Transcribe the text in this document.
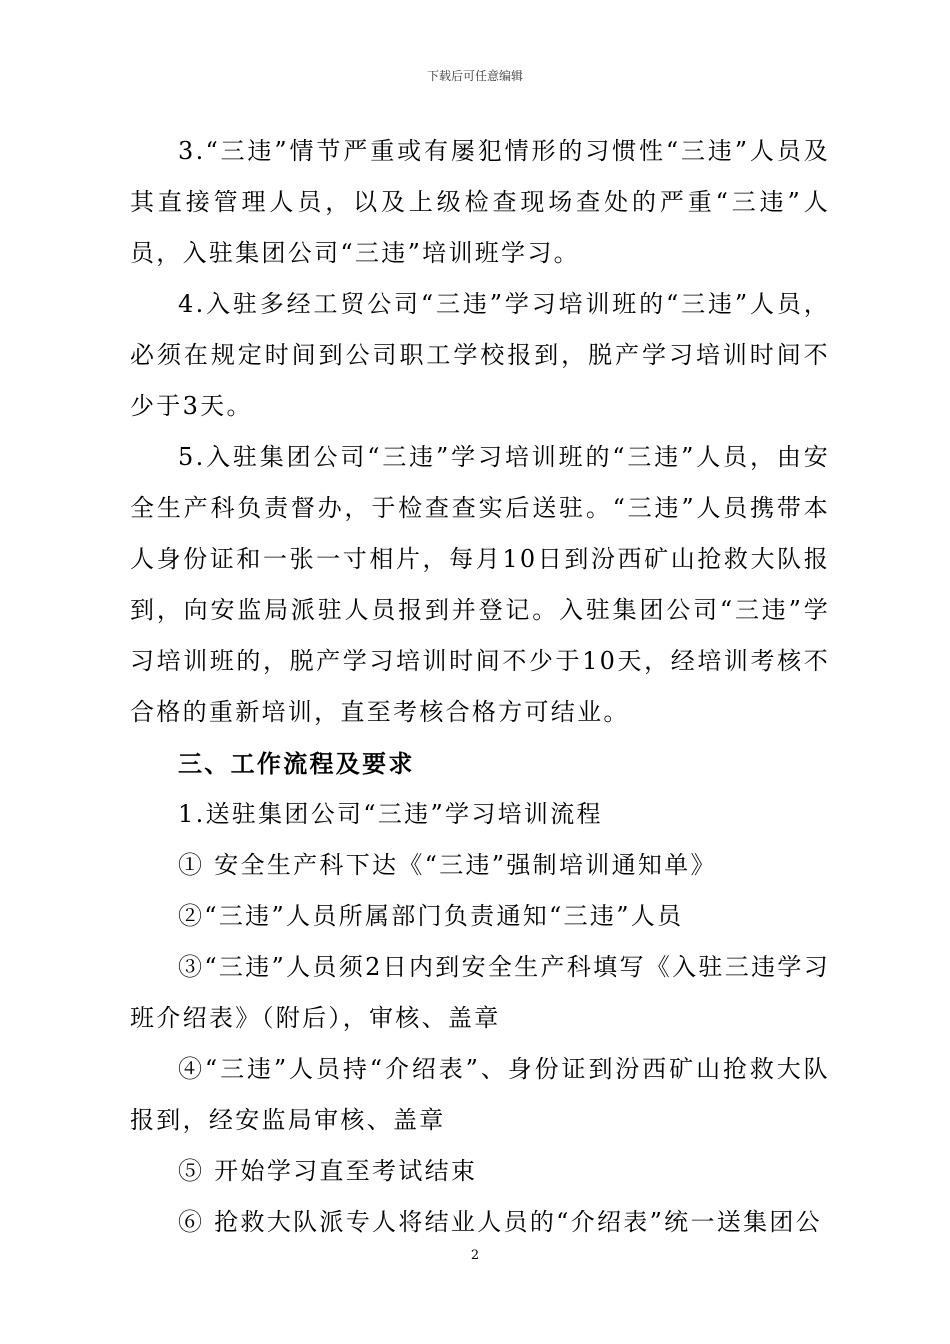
下载后可任意编辑

3.“三违”情节严重或有屡犯情形的习惯性“三违”人员及其直接管理人员，以及上级检查现场查处的严重“三违”人员，入驻集团公司“三违”培训班学习。

4.入驻多经工贸公司“三违”学习培训班的“三违”人员，必须在规定时间到公司职工学校报到，脱产学习培训时间不少于3天。

5.入驻集团公司“三违”学习培训班的“三违”人员，由安全生产科负责督办，于检查查实后送驻。“三违”人员携带本人身份证和一张一寸相片，每月10日到汾西矿山抢救大队报到，向安监局派驻人员报到并登记。入驻集团公司“三违”学习培训班的，脱产学习培训时间不少于10天，经培训考核不合格的重新培训，直至考核合格方可结业。

三、工作流程及要求

1.送驻集团公司“三违”学习培训流程

① 安全生产科下达《“三违”强制培训通知单》

②“三违”人员所属部门负责通知“三违”人员

③“三违”人员须2日内到安全生产科填写《入驻三违学习班介绍表》（附后），审核、盖章

④“三违”人员持“介绍表”、身份证到汾西矿山抢救大队报到，经安监局审核、盖章

⑤ 开始学习直至考试结束

⑥ 抢救大队派专人将结业人员的“介绍表”统一送集团公

2
